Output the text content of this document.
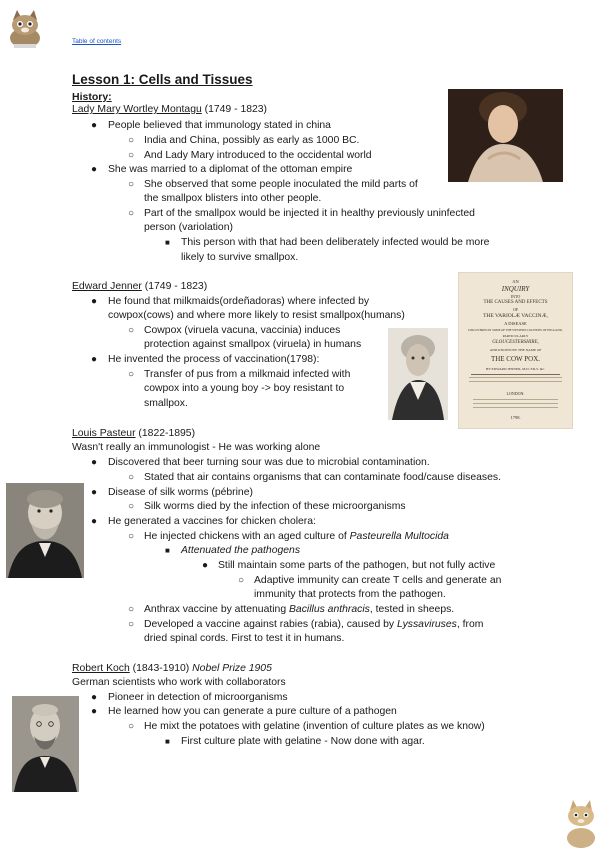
Table of contents
Lesson 1: Cells and Tissues
History:
Lady Mary Wortley Montagu (1749 - 1823)
● People believed that immunology stated in china
○ India and China, possibly as early as 1000 BC.
○ And Lady Mary introduced to the occidental world
● She was married to a diplomat of the ottoman empire
○ She observed that some people inoculated the mild parts of
the smallpox blisters into other people.
○ Part of the smallpox would be injected it in healthy previously uninfected
person (variolation)
■ This person with that had been deliberately infected would be more
likely to survive smallpox.
Edward Jenner (1749 - 1823)
● He found that milkmaids(ordeñadoras) where infected by
cowpox(cows) and where more likely to resist smallpox(humans)
○ Cowpox (viruela vacuna, vaccinia) induces
protection against smallpox (viruela) in humans
● He invented the process of vaccination(1798):
○ Transfer of pus from a milkmaid infected with
cowpox into a young boy -> boy resistant to
smallpox.
AN
INQUIRY
INTO
THE CAUSES AND EFFECTS
OF
THE VARIOLÆ VACCINÆ,
A DISEASE
DISCOVERED IN SOME OF THE WESTERN COUNTIES OF ENGLAND,
PARTICULARLY
GLOUCESTERSHIRE,
AND KNOWN BY THE NAME OF
THE COW POX.
BY EDWARD JENNER, M.D. F.R.S. &c.
LONDON:
1798.
Louis Pasteur (1822-1895)
Wasn't really an immunologist - He was working alone
● Discovered that beer turning sour was due to microbial contamination.
○ Stated that air contains organisms that can contaminate food/cause diseases.
● Disease of silk worms (pébrine)
○ Silk worms died by the infection of these microorganisms
● He generated a vaccines for chicken cholera:
○ He injected chickens with an aged culture of Pasteurella Multocida
■ Attenuated the pathogens
● Still maintain some parts of the pathogen, but not fully active
○ Adaptive immunity can create T cells and generate an
immunity that protects from the pathogen.
○ Anthrax vaccine by attenuating Bacillus anthracis, tested in sheeps.
○ Developed a vaccine against rabies (rabia), caused by Lyssaviruses, from
dried spinal cords. First to test it in humans.
Robert Koch (1843-1910) Nobel Prize 1905
German scientists who work with collaborators
● Pioneer in detection of microorganisms
● He learned how you can generate a pure culture of a pathogen
○ He mixt the potatoes with gelatine (invention of culture plates as we know)
■ First culture plate with gelatine - Now done with agar.
